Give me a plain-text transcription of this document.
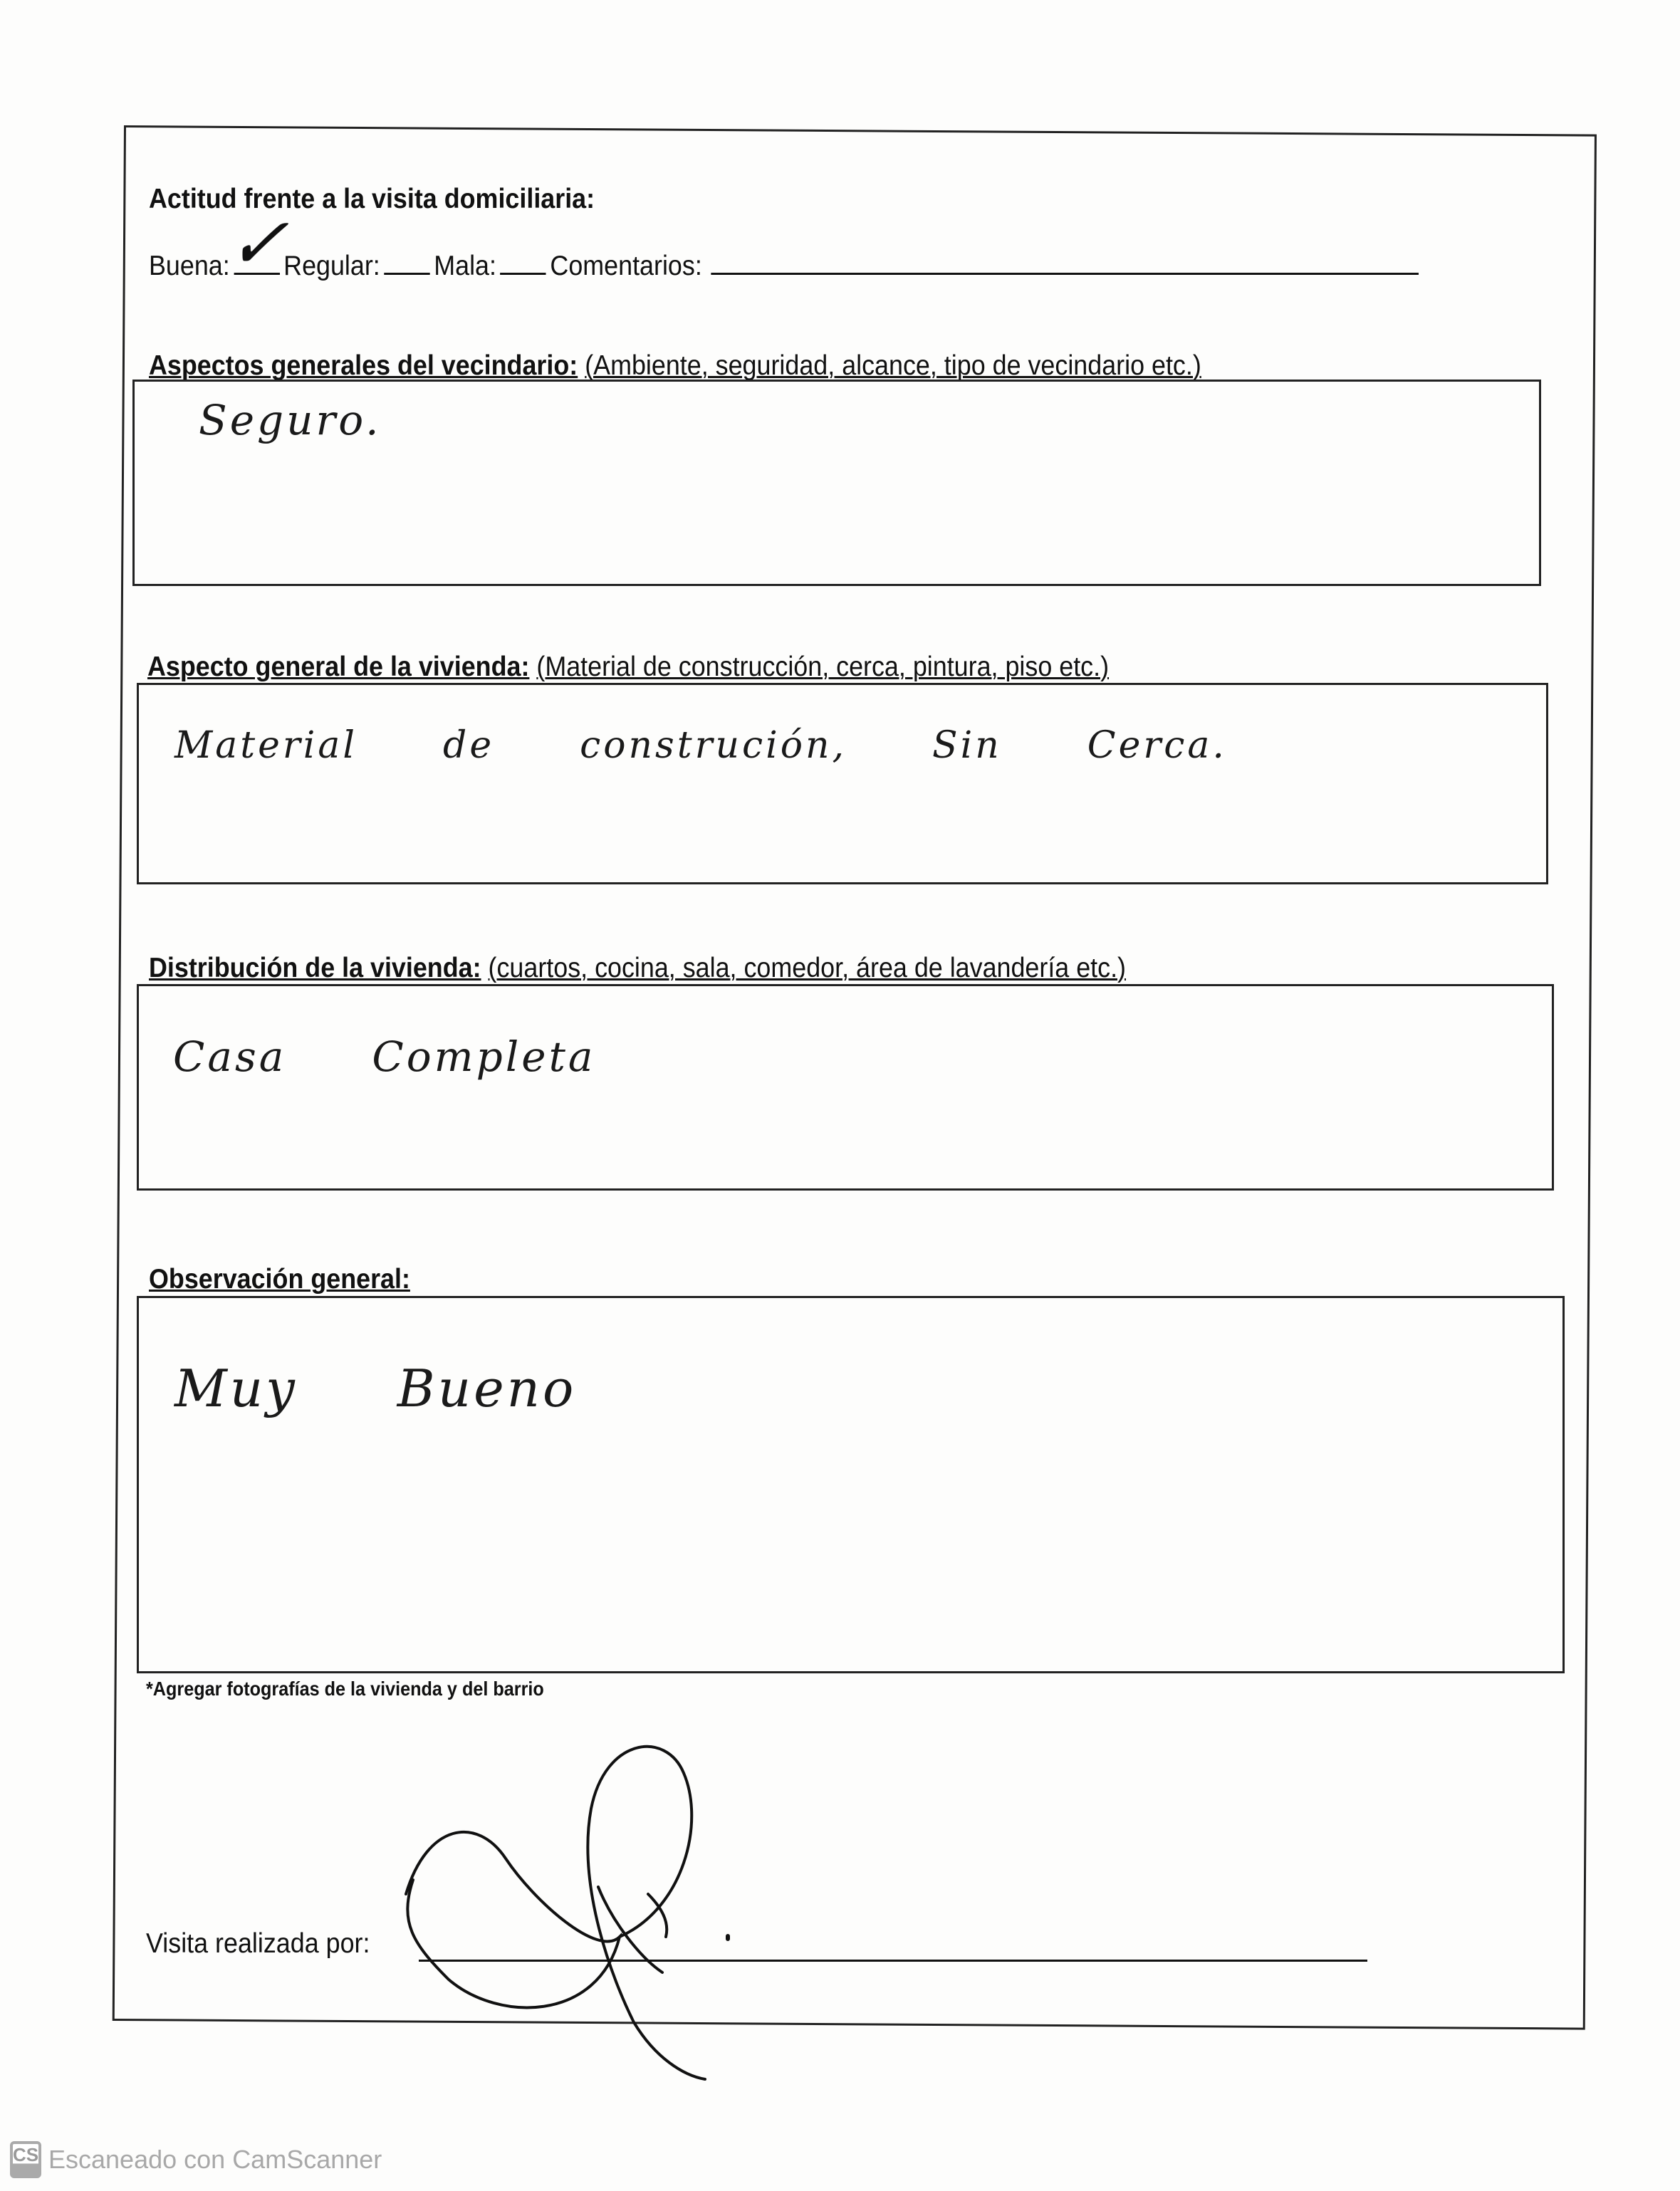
Actitud frente a la visita domiciliaria:
Buena:
✓
Regular: Mala: Comentarios:
Aspectos generales del vecindario: (Ambiente, seguridad, alcance, tipo de vecindario etc.)
Seguro.
Aspecto general de la vivienda: (Material de construcción, cerca, pintura, piso etc.)
Material de construción, Sin Cerca.
Distribución de la vivienda: (cuartos, cocina, sala, comedor, área de lavandería etc.)
Casa Completa
Observación general:
Muy Bueno
*Agregar fotografías de la vivienda y del barrio
Visita realizada por:
CS Escaneado con CamScanner
